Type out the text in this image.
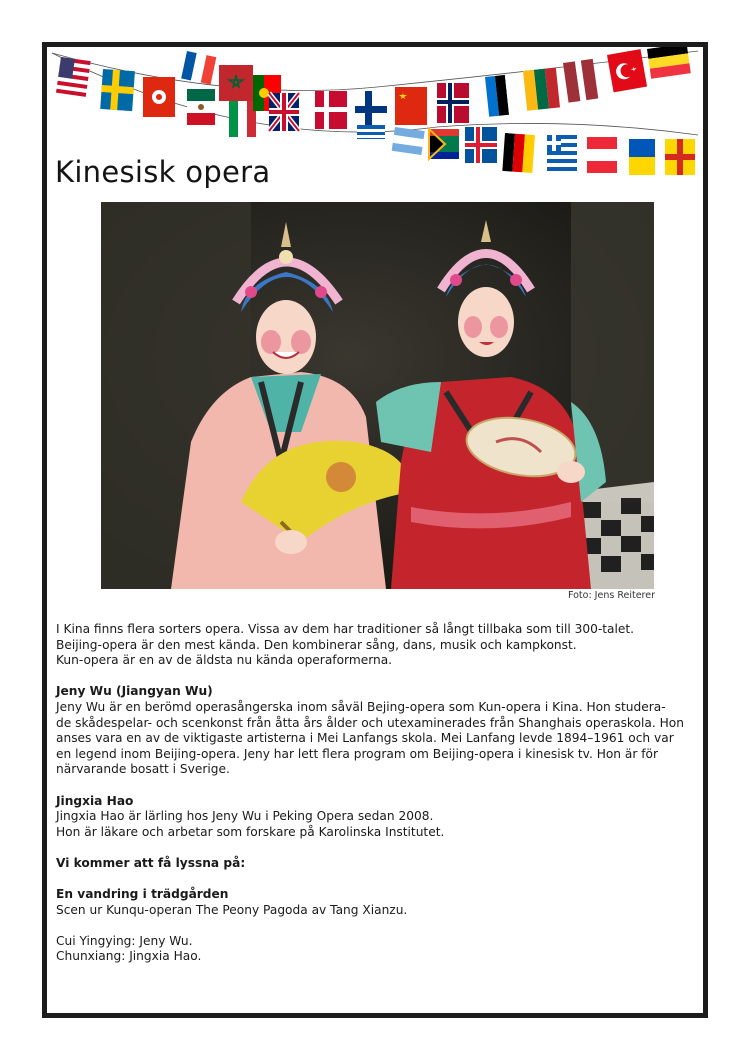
Kinesisk opera
Foto: Jens Reiterer

I Kina finns flera sorters opera. Vissa av dem har traditioner så långt tillbaka som till 300-talet.
Beijing-opera är den mest kända. Den kombinerar sång, dans, musik och kampkonst.
Kun-opera är en av de äldsta nu kända operaformerna.

Jeny Wu (Jiangyan Wu)
Jeny Wu är en berömd operasångerska inom såväl Bejing-opera som Kun-opera i Kina. Hon studera-
de skådespelar- och scenkonst från åtta års ålder och utexaminerades från Shanghais operaskola. Hon
anses vara en av de viktigaste artisterna i Mei Lanfangs skola. Mei Lanfang levde 1894–1961 och var
en legend inom Beijing-opera. Jeny har lett flera program om Beijing-opera i kinesisk tv. Hon är för
närvarande bosatt i Sverige.

Jingxia Hao
Jingxia Hao är lärling hos Jeny Wu i Peking Opera sedan 2008.
Hon är läkare och arbetar som forskare på Karolinska Institutet.

Vi kommer att få lyssna på:

En vandring i trädgården
Scen ur Kunqu-operan The Peony Pagoda av Tang Xianzu.

Cui Yingying: Jeny Wu.
Chunxiang: Jingxia Hao.
